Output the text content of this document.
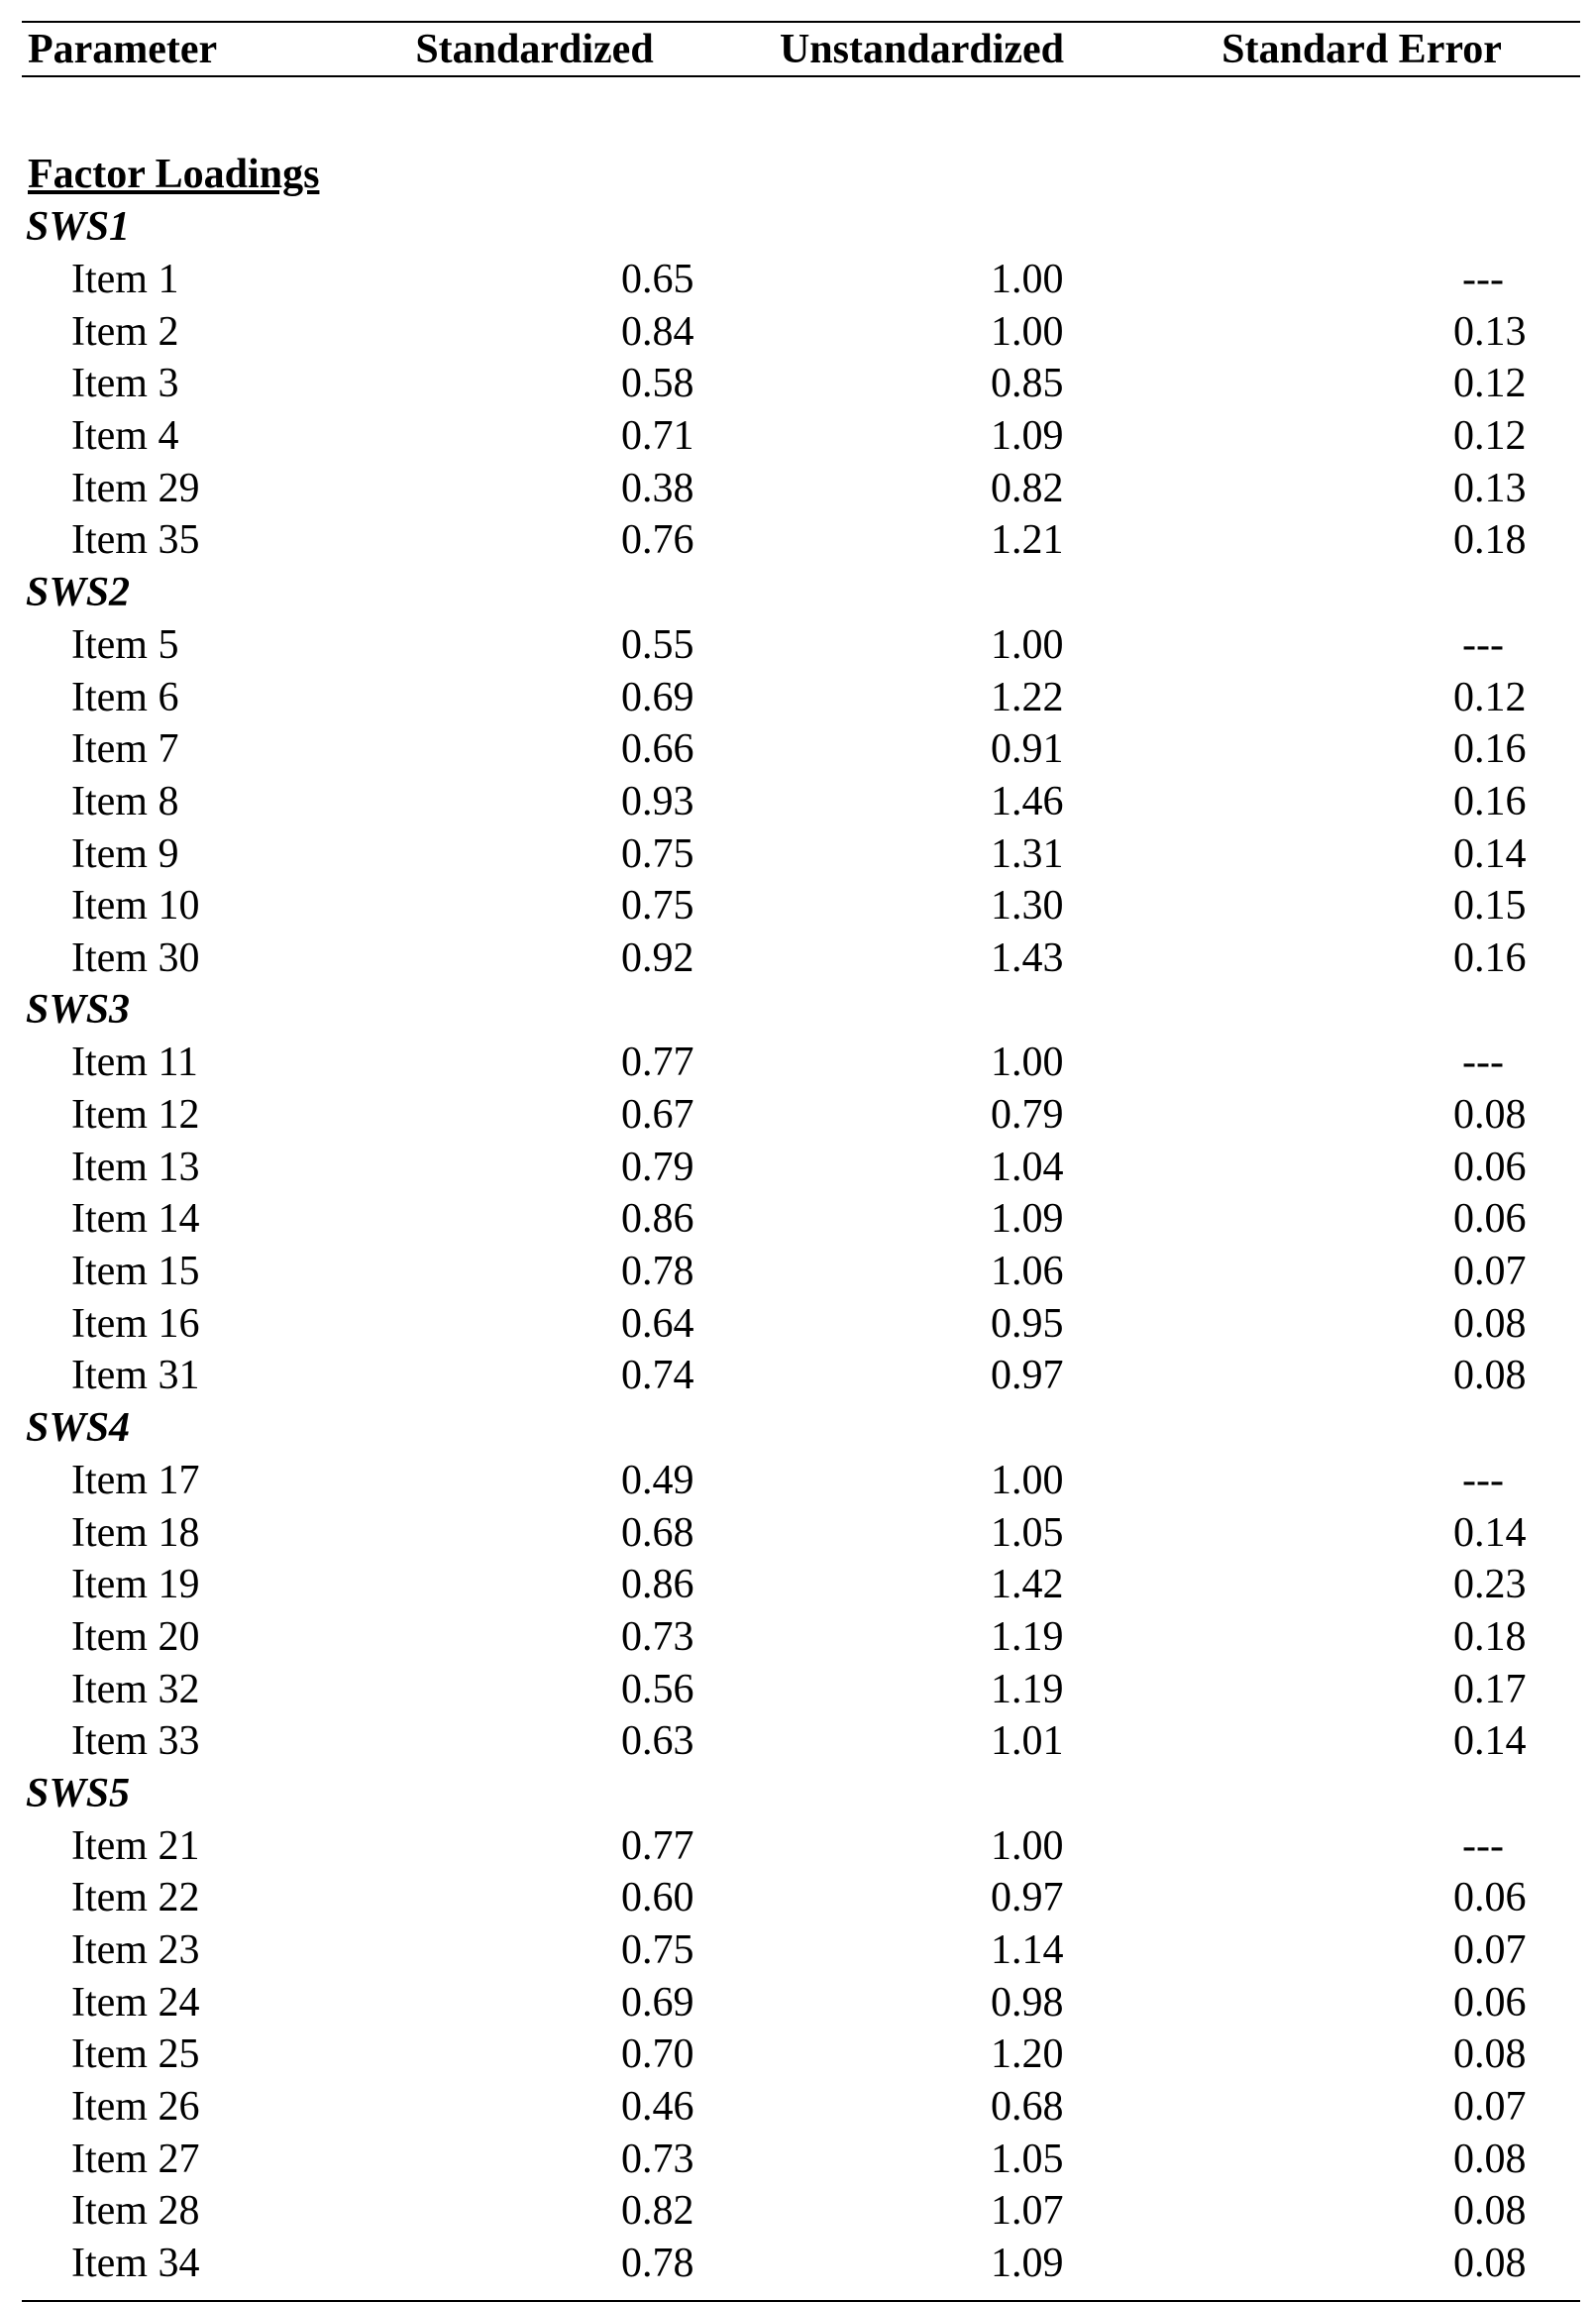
Parameter	Standardized	Unstandardized	Standard Error
Factor Loadings
SWS1
Item 1	0.65	1.00	---
Item 2	0.84	1.00	0.13
Item 3	0.58	0.85	0.12
Item 4	0.71	1.09	0.12
Item 29	0.38	0.82	0.13
Item 35	0.76	1.21	0.18
SWS2
Item 5	0.55	1.00	---
Item 6	0.69	1.22	0.12
Item 7	0.66	0.91	0.16
Item 8	0.93	1.46	0.16
Item 9	0.75	1.31	0.14
Item 10	0.75	1.30	0.15
Item 30	0.92	1.43	0.16
SWS3
Item 11	0.77	1.00	---
Item 12	0.67	0.79	0.08
Item 13	0.79	1.04	0.06
Item 14	0.86	1.09	0.06
Item 15	0.78	1.06	0.07
Item 16	0.64	0.95	0.08
Item 31	0.74	0.97	0.08
SWS4
Item 17	0.49	1.00	---
Item 18	0.68	1.05	0.14
Item 19	0.86	1.42	0.23
Item 20	0.73	1.19	0.18
Item 32	0.56	1.19	0.17
Item 33	0.63	1.01	0.14
SWS5
Item 21	0.77	1.00	---
Item 22	0.60	0.97	0.06
Item 23	0.75	1.14	0.07
Item 24	0.69	0.98	0.06
Item 25	0.70	1.20	0.08
Item 26	0.46	0.68	0.07
Item 27	0.73	1.05	0.08
Item 28	0.82	1.07	0.08
Item 34	0.78	1.09	0.08
